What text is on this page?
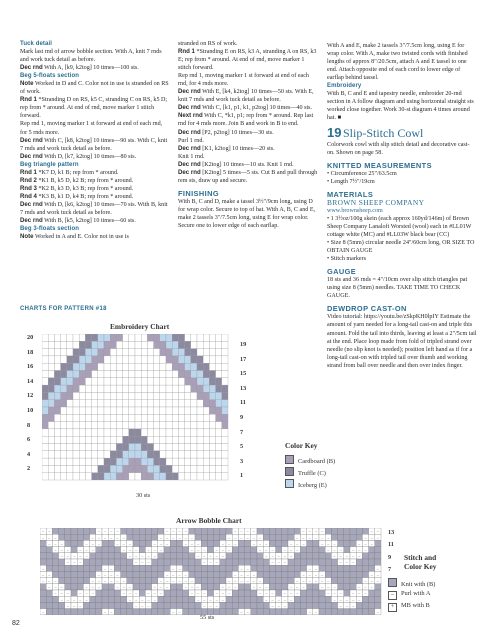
Tuck detail

Mark last rnd of arrow bobble section. With A, knit 7 rnds and work tuck detail as before.

Dec rnd With A, [k9, k2tog] 10 times—100 sts.

Beg 5-floats section

Note Worked in D and C. Color not in use is stranded on RS of work.

Rnd 1 *Stranding D on RS, k5 C, stranding C on RS, k5 D; rep from * around. At end of rnd, move marker 1 stitch forward.

Rep rnd 1, moving marker 1 st forward at end of each rnd, for 5 rnds more.

Dec rnd With C, [k8, k2tog] 10 times—90 sts. With C, knit 7 rnds and work tuck detail as before.

Dec rnd With D, [k7, k2tog] 10 times—80 sts.

Beg triangle pattern

Rnd 1 *K7 D, k1 B; rep from * around.

Rnd 2 *K1 B, k5 D, k2 B; rep from * around.

Rnd 3 *K2 B, k3 D, k3 B; rep from * around.

Rnd 4 *K3 B, k1 D, k4 B; rep from * around.

Dec rnd With D, [k6, k2tog] 10 times—70 sts. With B, knit 7 rnds and work tuck detail as before.

Dec rnd With B, [k5, k2tog] 10 times—60 sts.

Beg 3-floats section

Note Worked in A and E. Color not in use is

stranded on RS of work.

Rnd 1 *Stranding E on RS, k3 A, stranding A on RS, k3 E; rep from * around. At end of rnd, move marker 1 stitch forward.

Rep rnd 1, moving marker 1 st forward at end of each rnd, for 4 rnds more.

Dec rnd With E, [k4, k2tog] 10 times—50 sts. With E, knit 7 rnds and work tuck detail as before.

Dec rnd With C, [k1, p1, k1, p2tog] 10 times—40 sts.

Next rnd With C, *k1, p1; rep from * around. Rep last rnd for 4 rnds more. Join B and work in B to end.

Dec rnd [P2, p2tog] 10 times—30 sts.

Purl 1 rnd.

Dec rnd [K1, k2tog] 10 times—20 sts.

Knit 1 rnd.

Dec rnd [K2tog] 10 times—10 sts. Knit 1 rnd.

Dec rnd [K2tog] 5 times—5 sts. Cut B and pull through rem sts, draw up and secure.

FINISHING

With B, C and D, make a tassel 3½"/9cm long, using D for wrap color. Secure to top of hat. With A, B, C and E, make 2 tassels 3"/7.5cm long, using E for wrap color. Secure one to lower edge of each earflap.

With A and E, make 2 tassels 3"/7.5cm long, using E for wrap color. With A, make two twisted cords with finished lengths of approx 8"/20.5cm, attach A and E tassel to one end. Attach opposite end of each cord to lower edge of earflap behind tassel.

Embroidery

With B, C and E and tapestry needle, embroider 20-rnd section in A follow diagram and using horizontal straight sts worked close together. Work 30-st diagram 4 times around hat. ■

19 Slip-Stitch Cowl

Colorwork cowl with slip stitch detail and decorative cast-on. Shown on page 58.

KNITTED MEASUREMENTS
• Circumference 25"/63.5cm
• Length 7½"/19cm
MATERIALS
BROWN SHEEP COMPANY
www.brownsheep.com
• 1 3½oz/100g skein (each approx 160yd/146m) of Brown Sheep Company Lanaloft Worsted (wool) each in #LL01W cottage white (MC) and #LL03W black bear (CC)
• Size 8 (5mm) circular needle 24"/60cm long, OR SIZE TO OBTAIN GAUGE
• Stitch markers
GAUGE

18 sts and 36 rnds = 4"/10cm over slip stitch triangles pat using size 8 (5mm) needles. TAKE TIME TO CHECK GAUGE.

DEWDROP CAST-ON

Video tutorial: https://youtu.be/zSkpKH0lpIY Estimate the amount of yarn needed for a long-tail cast-on and triple this amount. Fold the tail into thirds, leaving at least a 2"/5cm tail at the end. Place loop made from fold of tripled strand over needle (no slip knot is needed); position left hand as if for a long-tail cast-on with tripled tail over thumb and working strand from ball over needle and then over index finger.

CHARTS FOR PATTERN #18
Embroidery Chart
20
18
16
14
12
10
8
6
4
2
19
17
15
13
11
9
7
5
3
1
30 sts
Color Key
Cardboard (B)
Truffle (C)
Iceberg (E)
Arrow Bobble Chart
– –	– – – –	– – – –	– – – –	– – – –	– –
– – –	– – – – – –	– – – – – –	– – – – – –	– – – – – –	– – –
– – –	– – –	– – –	– – –	– – –	– – –	– – –	– – –	– – –	– – –
– – –	– – –	– – –	– – –	– – –	– – –	– – –	– – –	– – –	– – –
– – – – –	– – – – –	– – – – –	– – – – –	– – – – –
– – –	– – –	– – –	– – –	– – –
–	– –	– –	– –	– –	–
– –	– – – –	– – – –	– – – –	– – – –	– –
– – –	– – – – – –	– – – – – –	– – – – – –	– – – – – –	– – –
– – –	– – –	– – –	– – –	– – –	– – –	– – –	– – –	– – –	– – –
– – –	– – –	– – –	– – –	– – –	– – –	– – –	– – –	– – –	– – –
– – – – –	– – – – –	– – – – –	– – – – –	– – – – –
– – –	– – –	– – –	– – –	– – –
–	– –	– –	– –	– –	–
13
11
9
7
55 sts
Stitch and
Color Key
Knit with (B)
– Purl with A
+ MB with B
82
